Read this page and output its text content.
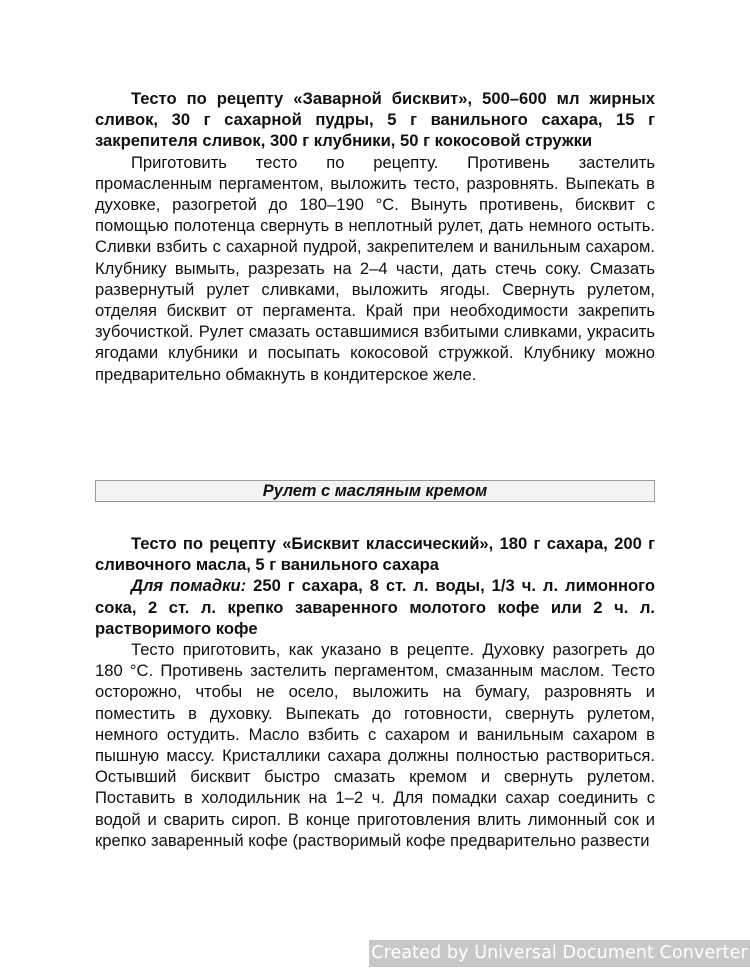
Тесто по рецепту «Заварной бисквит», 500–600 мл жирных сливок, 30 г сахарной пудры, 5 г ванильного сахара, 15 г закрепителя сливок, 300 г клубники, 50 г кокосовой стружки

Приготовить тесто по рецепту. Противень застелить промасленным пергаментом, выложить тесто, разровнять. Выпекать в духовке, разогретой до 180–190 °С. Вынуть противень, бисквит с помощью полотенца свернуть в неплотный рулет, дать немного остыть. Сливки взбить с сахарной пудрой, закрепителем и ванильным сахаром. Клубнику вымыть, разрезать на 2–4 части, дать стечь соку. Смазать развернутый рулет сливками, выложить ягоды. Свернуть рулетом, отделяя бисквит от пергамента. Край при необходимости закрепить зубочисткой. Рулет смазать оставшимися взбитыми сливками, украсить ягодами клубники и посыпать кокосовой стружкой. Клубнику можно предварительно обмакнуть в кондитерское желе.

Рулет с масляным кремом

Тесто по рецепту «Бисквит классический», 180 г сахара, 200 г сливочного масла, 5 г ванильного сахара

Для помадки: 250 г сахара, 8 ст. л. воды, 1/3 ч. л. лимонного сока, 2 ст. л. крепко заваренного молотого кофе или 2 ч. л. растворимого кофе

Тесто приготовить, как указано в рецепте. Духовку разогреть до 180 °С. Противень застелить пергаментом, смазанным маслом. Тесто осторожно, чтобы не осело, выложить на бумагу, разровнять и поместить в духовку. Выпекать до готовности, свернуть рулетом, немного остудить. Масло взбить с сахаром и ванильным сахаром в пышную массу. Кристаллики сахара должны полностью раствориться. Остывший бисквит быстро смазать кремом и свернуть рулетом. Поставить в холодильник на 1–2 ч. Для помадки сахар соединить с водой и сварить сироп. В конце приготовления влить лимонный сок и крепко заваренный кофе (растворимый кофе предварительно развести

Created by Universal Document Converter
